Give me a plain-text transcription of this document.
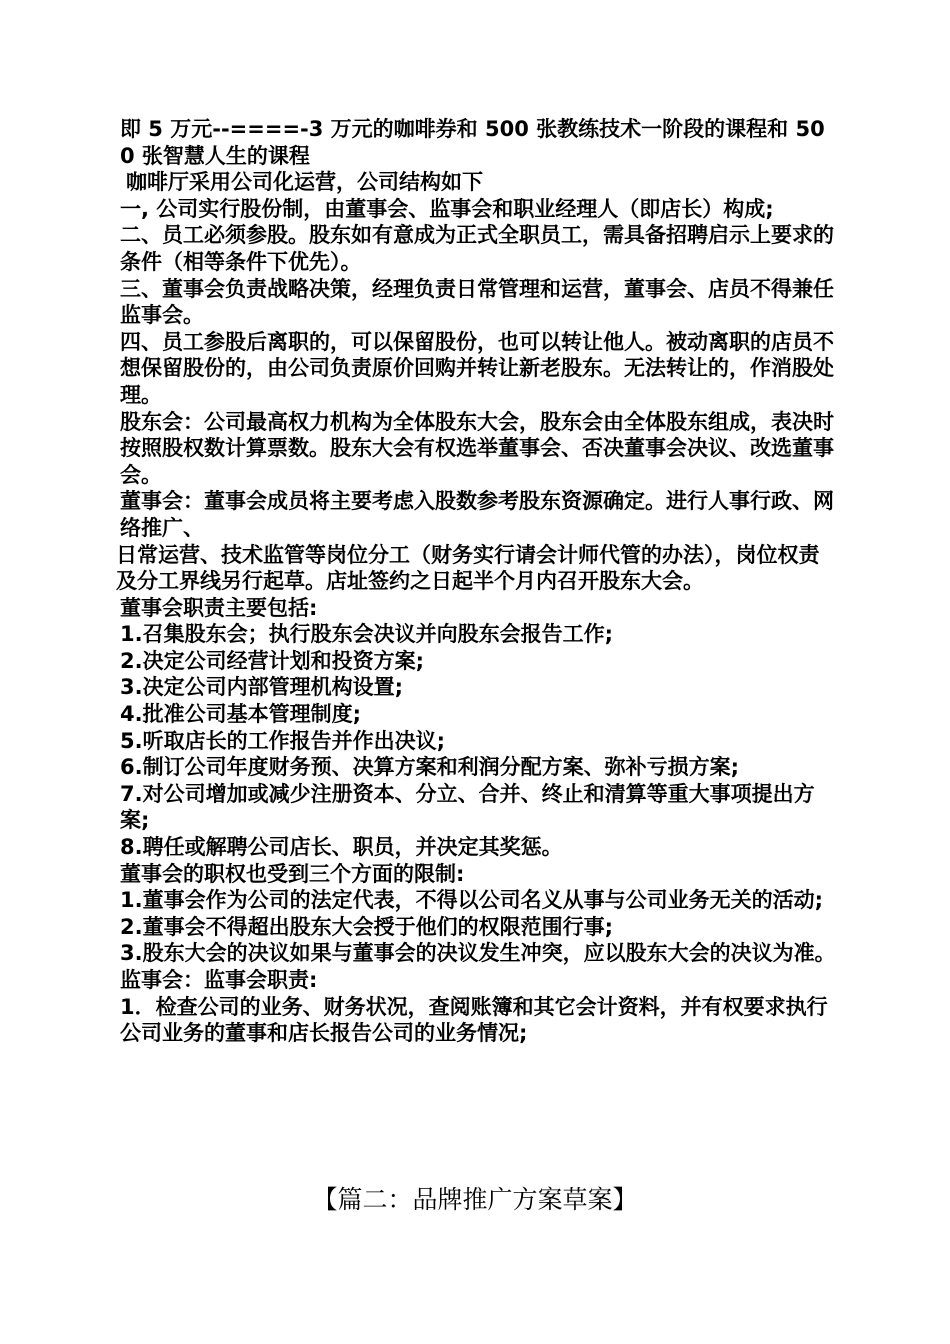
即 5 万元--====-3 万元的咖啡券和 500 张教练技术一阶段的课程和 500 张智慧人生的课程

咖啡厅采用公司化运营，公司结构如下

一, 公司实行股份制，由董事会、监事会和职业经理人（即店长）构成;

二、员工必须参股。股东如有意成为正式全职员工，需具备招聘启示上要求的条件（相等条件下优先）。

三、董事会负责战略决策，经理负责日常管理和运营，董事会、店员不得兼任监事会。

四、员工参股后离职的，可以保留股份，也可以转让他人。被动离职的店员不想保留股份的，由公司负责原价回购并转让新老股东。无法转让的，作消股处理。

股东会：公司最高权力机构为全体股东大会，股东会由全体股东组成，表决时按照股权数计算票数。股东大会有权选举董事会、否决董事会决议、改选董事会。

董事会：董事会成员将主要考虑入股数参考股东资源确定。进行人事行政、网络推广、

日常运营、技术监管等岗位分工（财务实行请会计师代管的办法），岗位权责及分工界线另行起草。店址签约之日起半个月内召开股东大会。

董事会职责主要包括:

1.召集股东会；执行股东会决议并向股东会报告工作;

2.决定公司经营计划和投资方案;

3.决定公司内部管理机构设置;

4.批准公司基本管理制度;

5.听取店长的工作报告并作出决议;

6.制订公司年度财务预、决算方案和利润分配方案、弥补亏损方案;

7.对公司增加或减少注册资本、分立、合并、终止和清算等重大事项提出方案;

8.聘任或解聘公司店长、职员，并决定其奖惩。

董事会的职权也受到三个方面的限制:

1.董事会作为公司的法定代表，不得以公司名义从事与公司业务无关的活动;

2.董事会不得超出股东大会授于他们的权限范围行事;

3.股东大会的决议如果与董事会的决议发生冲突，应以股东大会的决议为准。

监事会：监事会职责:

1．检查公司的业务、财务状况，查阅账簿和其它会计资料，并有权要求执行公司业务的董事和店长报告公司的业务情况;

【篇二：品牌推广方案草案】
